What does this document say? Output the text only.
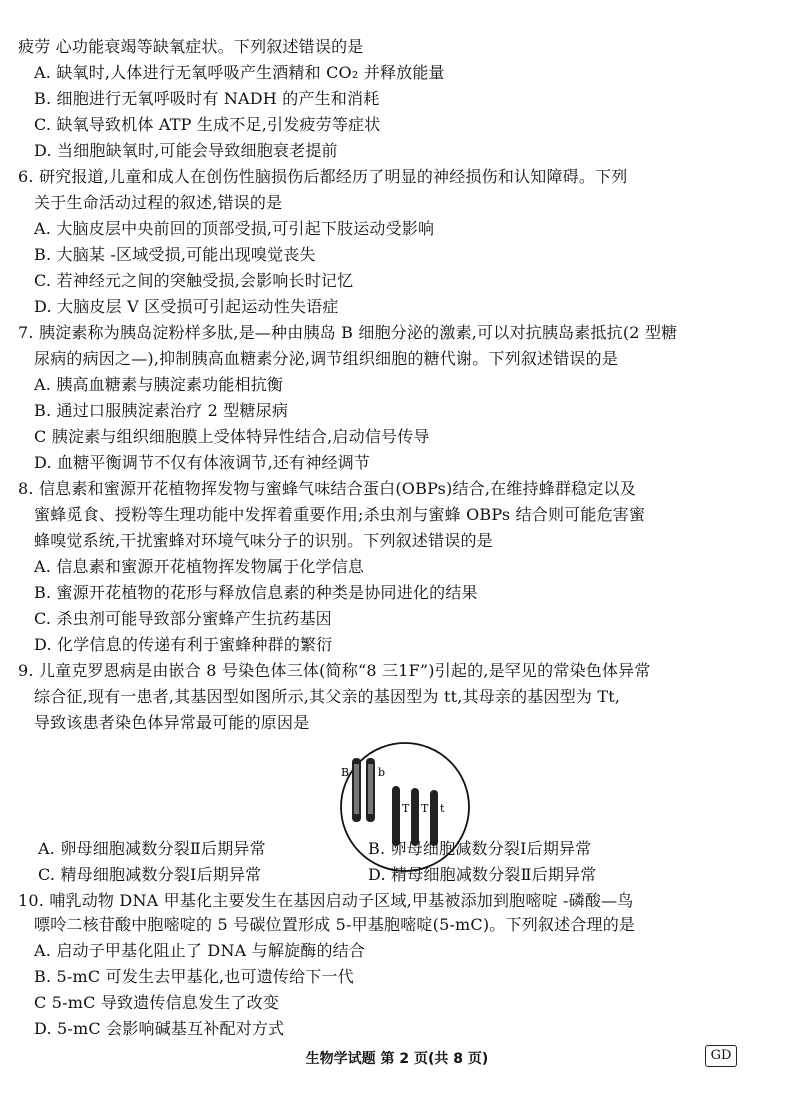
疲劳 心功能衰竭等缺氧症状。下列叙述错误的是
A. 缺氧时,人体进行无氧呼吸产生酒精和 CO₂ 并释放能量
B. 细胞进行无氧呼吸时有 NADH 的产生和消耗
C. 缺氧导致机体 ATP 生成不足,引发疲劳等症状
D. 当细胞缺氧时,可能会导致细胞衰老提前
6. 研究报道,儿童和成人在创伤性脑损伤后都经历了明显的神经损伤和认知障碍。下列
关于生命活动过程的叙述,错误的是
A. 大脑皮层中央前回的顶部受损,可引起下肢运动受影响
B. 大脑某 -区域受损,可能出现嗅觉丧失
C. 若神经元之间的突触受损,会影响长时记忆
D. 大脑皮层 V 区受损可引起运动性失语症
7. 胰淀素称为胰岛淀粉样多肽,是—种由胰岛 B 细胞分泌的激素,可以对抗胰岛素抵抗(2 型糖
尿病的病因之—),抑制胰高血糖素分泌,调节组织细胞的糖代谢。下列叙述错误的是
A. 胰高血糖素与胰淀素功能相抗衡
B. 通过口服胰淀素治疗 2 型糖尿病
C 胰淀素与组织细胞膜上受体特异性结合,启动信号传导
D. 血糖平衡调节不仅有体液调节,还有神经调节
8. 信息素和蜜源开花植物挥发物与蜜蜂气味结合蛋白(OBPs)结合,在维持蜂群稳定以及
蜜蜂觅食、授粉等生理功能中发挥着重要作用;杀虫剂与蜜蜂 OBPs 结合则可能危害蜜
蜂嗅觉系统,干扰蜜蜂对环境气味分子的识别。下列叙述错误的是
A. 信息素和蜜源开花植物挥发物属于化学信息
B. 蜜源开花植物的花形与释放信息素的种类是协同进化的结果
C. 杀虫剂可能导致部分蜜蜂产生抗药基因
D. 化学信息的传递有利于蜜蜂种群的繁衍
9. 儿童克罗恩病是由嵌合 8 号染色体三体(简称“8 三1F”)引起的,是罕见的常染色体异常
综合征,现有一患者,其基因型如图所示,其父亲的基因型为 tt,其母亲的基因型为 Tt,
导致该患者染色体异常最可能的原因是
B	b
T T t
A. 卵母细胞减数分裂Ⅱ后期异常	B. 卵母细胞减数分裂Ⅰ后期异常
C. 精母细胞减数分裂Ⅰ后期异常	D. 精母细胞减数分裂Ⅱ后期异常
10. 哺乳动物 DNA 甲基化主要发生在基因启动子区域,甲基被添加到胞嘧啶 -磷酸—鸟
嘌呤二核苷酸中胞嘧啶的 5 号碳位置形成 5-甲基胞嘧啶(5-mC)。下列叙述合理的是
A. 启动子甲基化阻止了 DNA 与解旋酶的结合
B. 5-mC 可发生去甲基化,也可遗传给下一代
C 5-mC 导致遗传信息发生了改变
D. 5-mC 会影响碱基互补配对方式
生物学试题 第 2 页(共 8 页)	GD
